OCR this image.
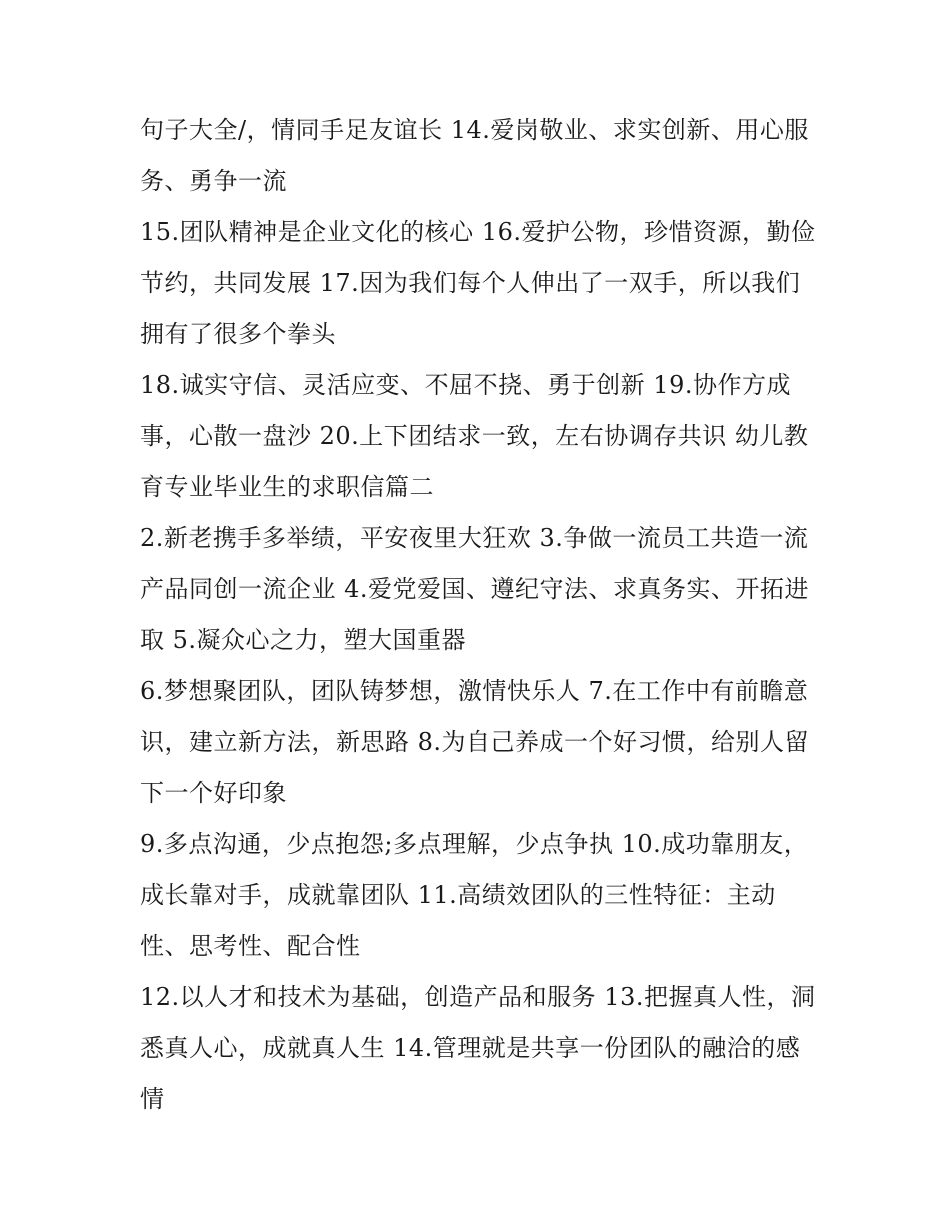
句子大全/，情同手足友谊长 14.爱岗敬业、求实创新、用心服务、勇争一流

15.团队精神是企业文化的核心 16.爱护公物，珍惜资源，勤俭节约，共同发展 17.因为我们每个人伸出了一双手，所以我们拥有了很多个拳头

18.诚实守信、灵活应变、不屈不挠、勇于创新 19.协作方成事，心散一盘沙 20.上下团结求一致，左右协调存共识 幼儿教育专业毕业生的求职信篇二

2.新老携手多举绩，平安夜里大狂欢 3.争做一流员工共造一流产品同创一流企业 4.爱党爱国、遵纪守法、求真务实、开拓进取 5.凝众心之力，塑大国重器

6.梦想聚团队，团队铸梦想，激情快乐人 7.在工作中有前瞻意识，建立新方法，新思路 8.为自己养成一个好习惯，给别人留下一个好印象

9.多点沟通，少点抱怨;多点理解，少点争执 10.成功靠朋友，成长靠对手，成就靠团队 11.高绩效团队的三性特征：主动性、思考性、配合性

12.以人才和技术为基础，创造产品和服务 13.把握真人性，洞悉真人心，成就真人生 14.管理就是共享一份团队的融洽的感情
